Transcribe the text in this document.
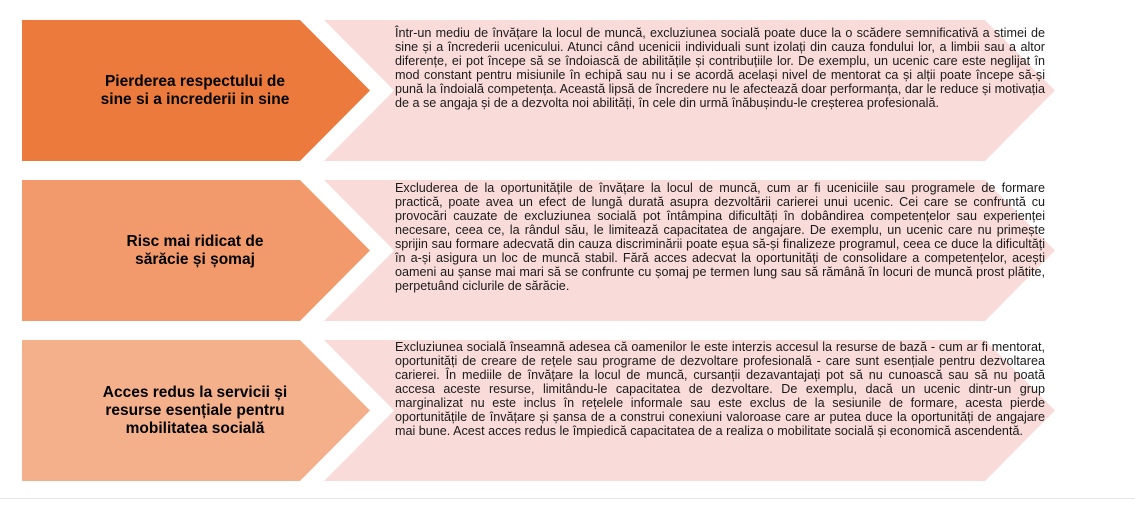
Pierderea respectului de sine si a increderii in sine
Într-un mediu de învățare la locul de muncă, excluziunea socială poate duce la o scădere semnificativă a stimei de sine și a încrederii ucenicului. Atunci când ucenicii individuali sunt izolați din cauza fondului lor, a limbii sau a altor diferențe, ei pot începe să se îndoiască de abilitățile și contribuțiile lor. De exemplu, un ucenic care este neglijat în mod constant pentru misiunile în echipă sau nu i se acordă același nivel de mentorat ca și alții poate începe să-și pună la îndoială competența. Această lipsă de încredere nu le afectează doar performanța, dar le reduce și motivația de a se angaja și de a dezvolta noi abilități, în cele din urmă înăbușindu-le creșterea profesională.
Risc mai ridicat de sărăcie și șomaj
Excluderea de la oportunitățile de învățare la locul de muncă, cum ar fi uceniciile sau programele de formare practică, poate avea un efect de lungă durată asupra dezvoltării carierei unui ucenic. Cei care se confruntă cu provocări cauzate de excluziunea socială pot întâmpina dificultăți în dobândirea competențelor sau experienței necesare, ceea ce, la rândul său, le limitează capacitatea de angajare. De exemplu, un ucenic care nu primește sprijin sau formare adecvată din cauza discriminării poate eșua să-și finalizeze programul, ceea ce duce la dificultăți în a-și asigura un loc de muncă stabil. Fără acces adecvat la oportunități de consolidare a competențelor, acești oameni au șanse mai mari să se confrunte cu șomaj pe termen lung sau să rămână în locuri de muncă prost plătite, perpetuând ciclurile de sărăcie.
Acces redus la servicii și resurse esențiale pentru mobilitatea socială
Excluziunea socială înseamnă adesea că oamenilor le este interzis accesul la resurse de bază - cum ar fi mentorat, oportunități de creare de rețele sau programe de dezvoltare profesională - care sunt esențiale pentru dezvoltarea carierei. În mediile de învățare la locul de muncă, cursanții dezavantajați pot să nu cunoască sau să nu poată accesa aceste resurse, limitându-le capacitatea de dezvoltare. De exemplu, dacă un ucenic dintr-un grup marginalizat nu este inclus în rețelele informale sau este exclus de la sesiunile de formare, acesta pierde oportunitățile de învățare și șansa de a construi conexiuni valoroase care ar putea duce la oportunități de angajare mai bune. Acest acces redus le împiedică capacitatea de a realiza o mobilitate socială și economică ascendentă.
